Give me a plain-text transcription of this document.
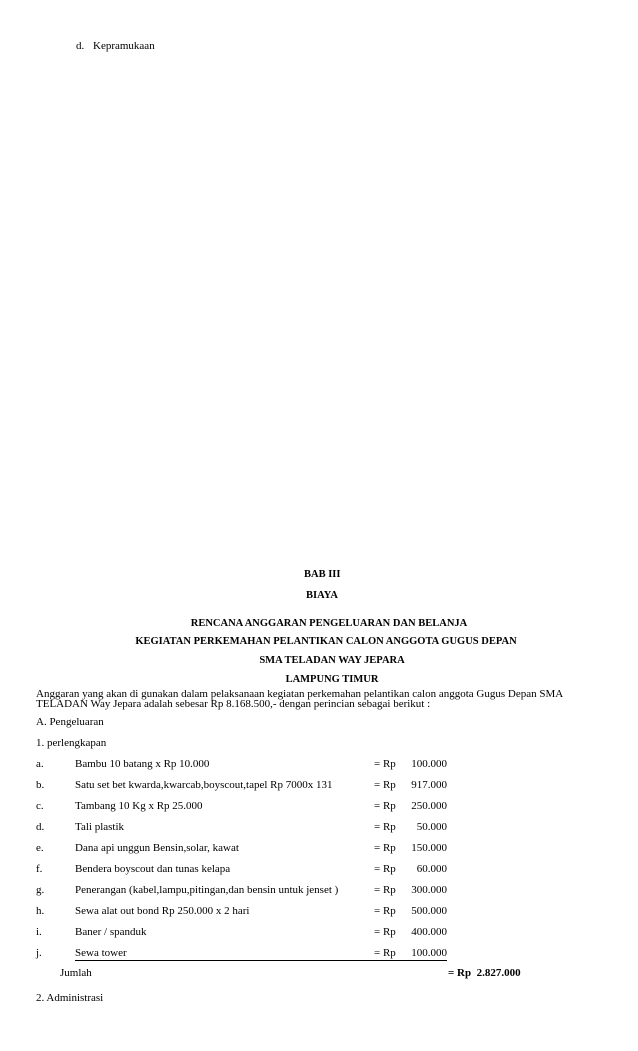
d. Kepramukaan
BAB III
BIAYA
RENCANA ANGGARAN PENGELUARAN DAN BELANJA
KEGIATAN PERKEMAHAN PELANTIKAN CALON ANGGOTA GUGUS DEPAN
SMA TELADAN WAY JEPARA
LAMPUNG TIMUR
Anggaran yang akan di gunakan dalam pelaksanaan kegiatan perkemahan pelantikan calon anggota Gugus Depan SMA TELADAN Way Jepara adalah sebesar Rp 8.168.500,- dengan perincian sebagai berikut :
A. Pengeluaran
1. perlengkapan
a.	Bambu 10 batang x Rp 10.000	= Rp 100.000
b.	Satu set bet kwarda,kwarcab,boyscout,tapel Rp 7000x 131	= Rp 917.000
c.	Tambang 10 Kg x Rp 25.000	= Rp 250.000
d.	Tali plastik	= Rp	50.000
e.	Dana api unggun Bensin,solar, kawat	= Rp 150.000
f.	Bendera boyscout dan tunas kelapa	= Rp	60.000
g.	Penerangan (kabel,lampu,pitingan,dan bensin untuk jenset )	= Rp 300.000
h.	Sewa alat out bond Rp 250.000 x 2 hari	= Rp 500.000
i.	Baner / spanduk	= Rp 400.000
j.	Sewa tower	= Rp 100.000
Jumlah	= Rp  2.827.000
2. Administrasi
